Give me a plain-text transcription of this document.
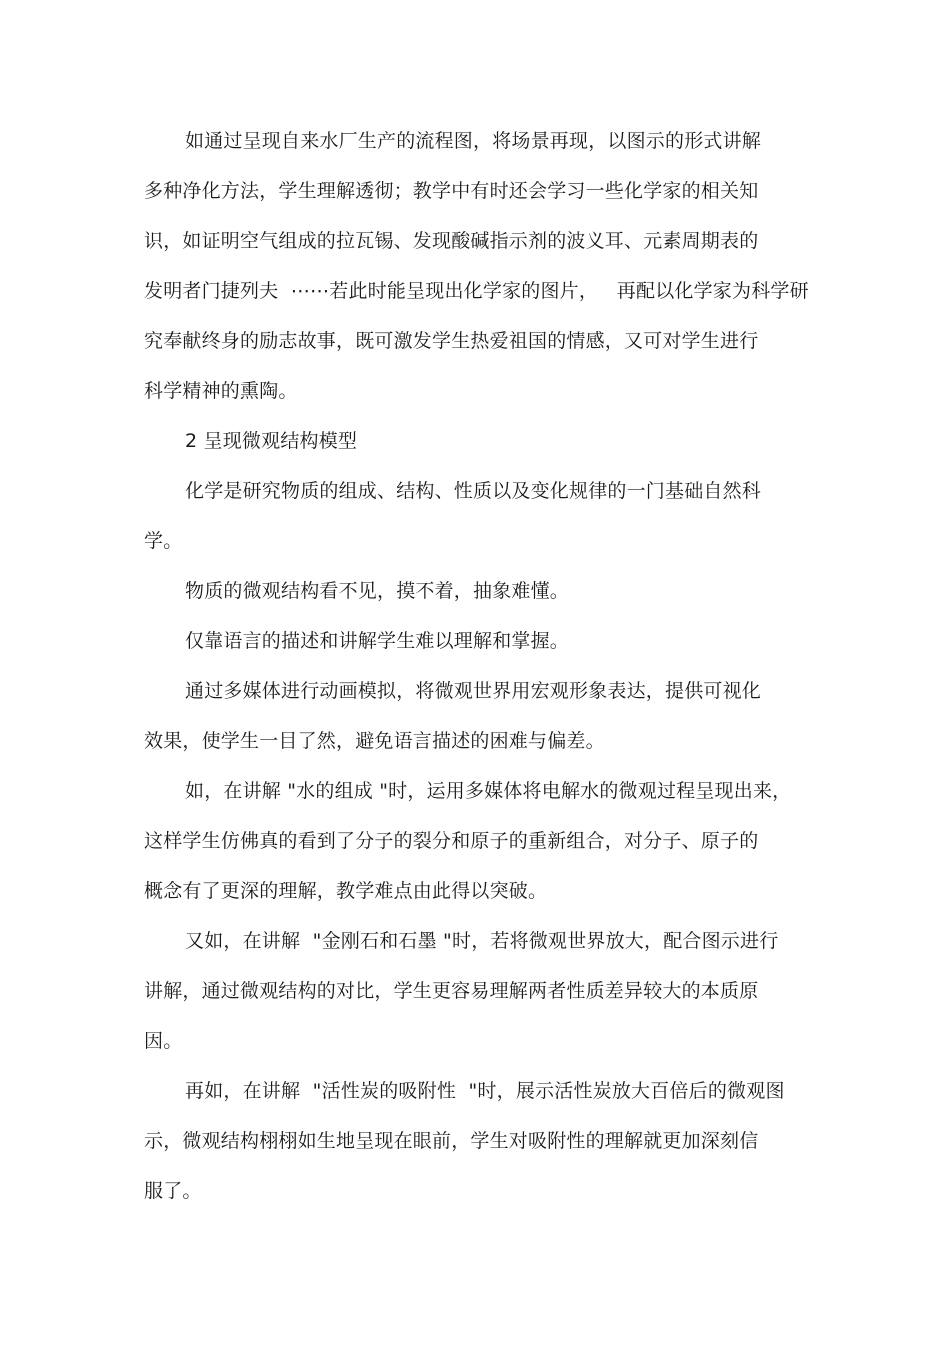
如通过呈现自来水厂生产的流程图，将场景再现，以图示的形式讲解
多种净化方法，学生理解透彻；教学中有时还会学习一些化学家的相关知
识，如证明空气组成的拉瓦锡、发现酸碱指示剂的波义耳、元素周期表的
发明者门捷列夫  ⋯⋯若此时能呈现出化学家的图片，   再配以化学家为科学研
究奉献终身的励志故事，既可激发学生热爱祖国的情感，又可对学生进行
科学精神的熏陶。
2 呈现微观结构模型
化学是研究物质的组成、结构、性质以及变化规律的一门基础自然科
学。
物质的微观结构看不见，摸不着，抽象难懂。
仅靠语言的描述和讲解学生难以理解和掌握。
通过多媒体进行动画模拟，将微观世界用宏观形象表达，提供可视化
效果，使学生一目了然，避免语言描述的困难与偏差。
如，在讲解 "水的组成 "时，运用多媒体将电解水的微观过程呈现出来，
这样学生仿佛真的看到了分子的裂分和原子的重新组合，对分子、原子的
概念有了更深的理解，教学难点由此得以突破。
又如，在讲解  "金刚石和石墨 "时，若将微观世界放大，配合图示进行
讲解，通过微观结构的对比，学生更容易理解两者性质差异较大的本质原
因。
再如，在讲解  "活性炭的吸附性  "时，展示活性炭放大百倍后的微观图
示，微观结构栩栩如生地呈现在眼前，学生对吸附性的理解就更加深刻信
服了。
